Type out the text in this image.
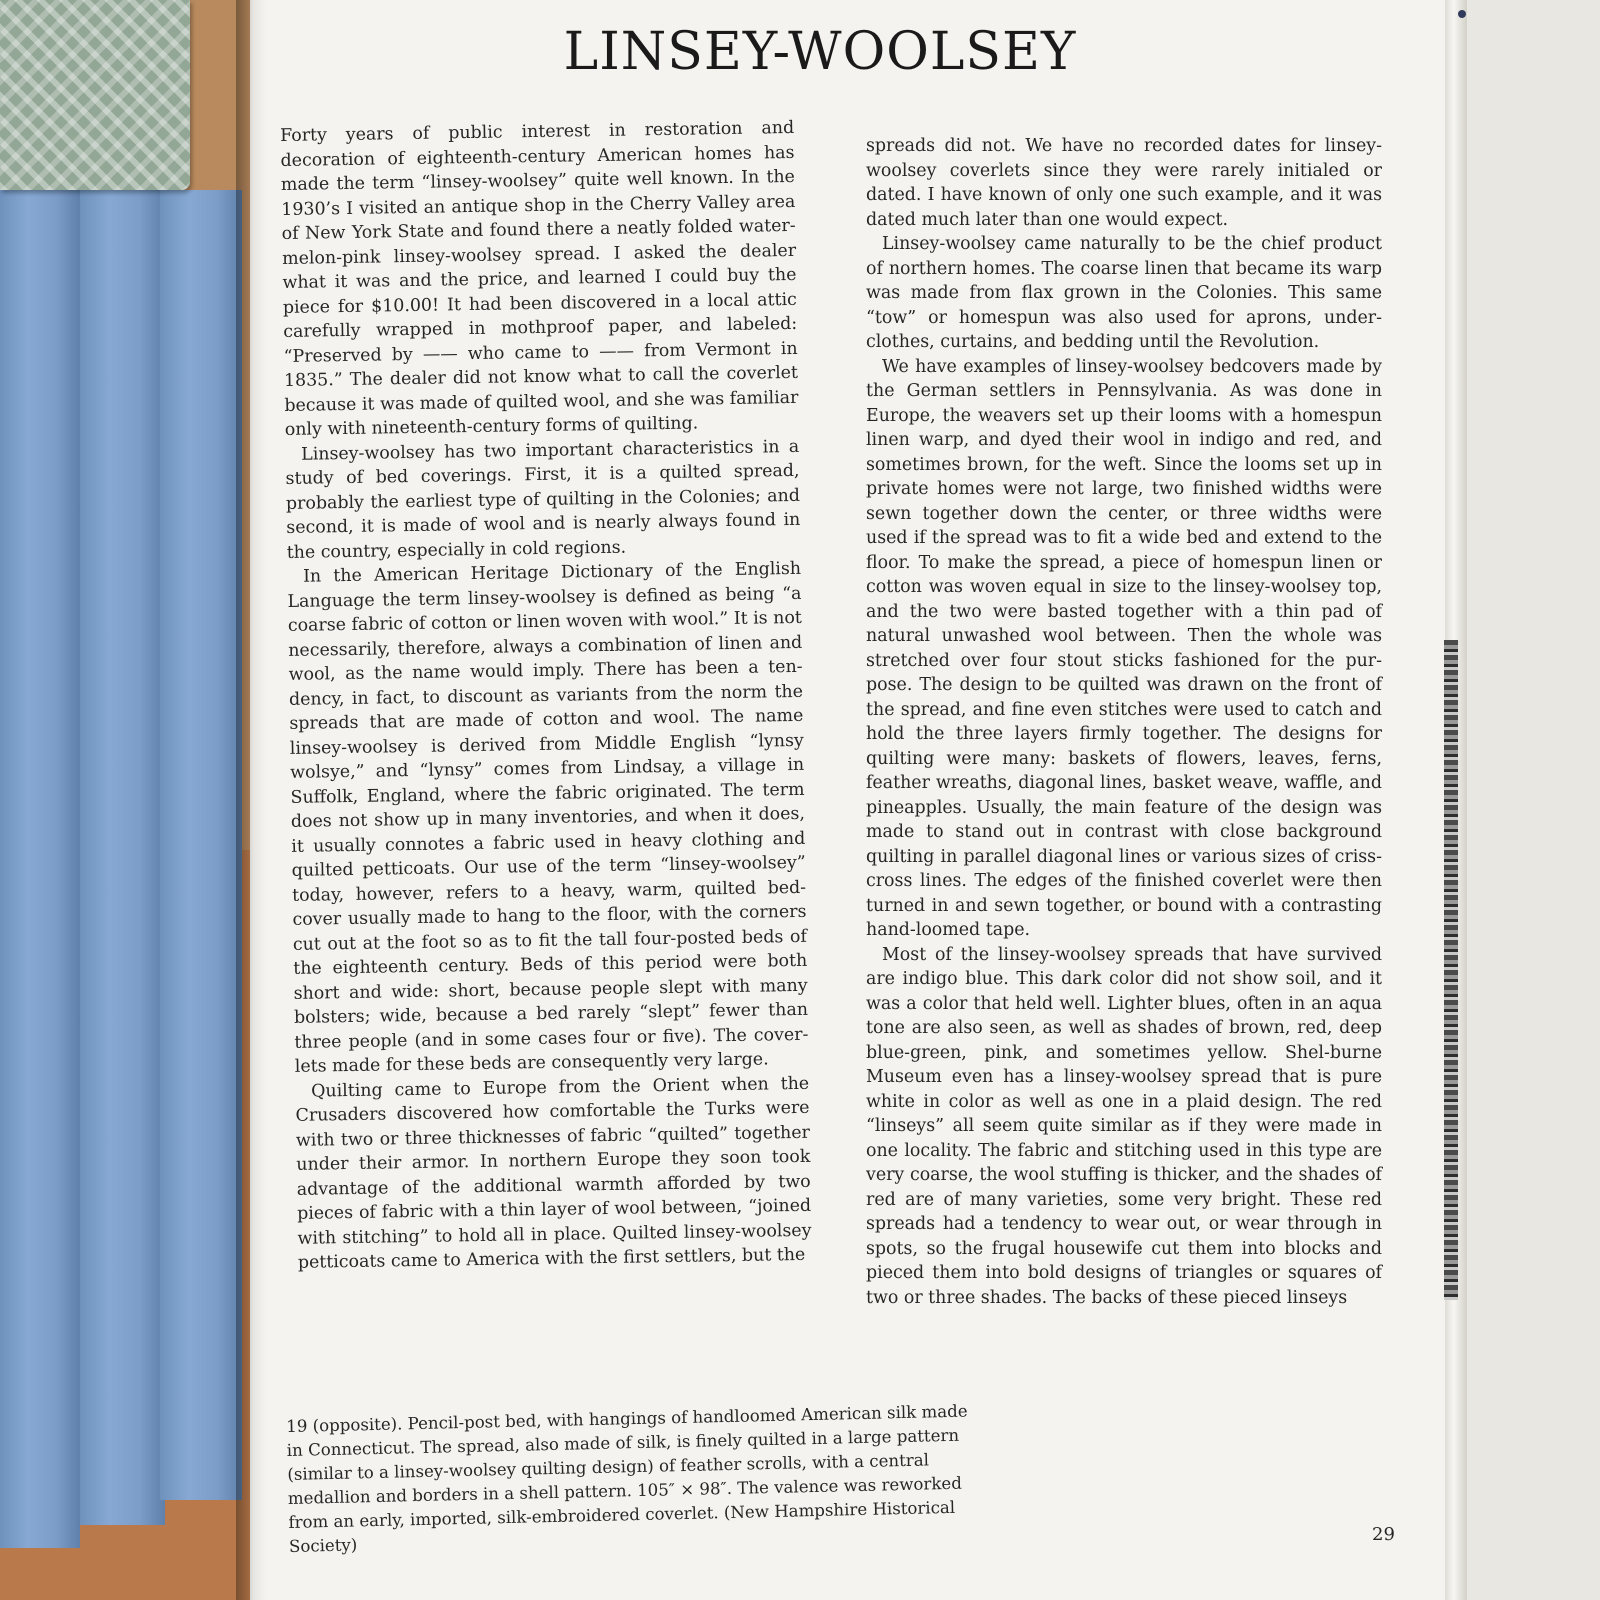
LINSEY-WOOLSEY

Forty years of public interest in restoration and decoration of eighteenth-century American homes has made the term “linsey-woolsey” quite well known. In the 1930’s I visited an antique shop in the Cherry Valley area of New York State and found there a neatly folded water-melon-pink linsey-woolsey spread. I asked the dealer what it was and the price, and learned I could buy the piece for $10.00! It had been discovered in a local attic carefully wrapped in mothproof paper, and labeled: “Preserved by —— who came to —— from Vermont in 1835.” The dealer did not know what to call the coverlet because it was made of quilted wool, and she was familiar only with nineteenth-century forms of quilting.

Linsey-woolsey has two important characteristics in a study of bed coverings. First, it is a quilted spread, probably the earliest type of quilting in the Colonies; and second, it is made of wool and is nearly always found in the country, especially in cold regions.

In the American Heritage Dictionary of the English Language the term linsey-woolsey is defined as being “a coarse fabric of cotton or linen woven with wool.” It is not necessarily, therefore, always a combination of linen and wool, as the name would imply. There has been a ten-dency, in fact, to discount as variants from the norm the spreads that are made of cotton and wool. The name linsey-woolsey is derived from Middle English “lynsy wolsye,” and “lynsy” comes from Lindsay, a village in Suffolk, England, where the fabric originated. The term does not show up in many inventories, and when it does, it usually connotes a fabric used in heavy clothing and quilted petticoats. Our use of the term “linsey-woolsey” today, however, refers to a heavy, warm, quilted bed-cover usually made to hang to the floor, with the corners cut out at the foot so as to fit the tall four-posted beds of the eighteenth century. Beds of this period were both short and wide: short, because people slept with many bolsters; wide, because a bed rarely “slept” fewer than three people (and in some cases four or five). The cover-lets made for these beds are consequently very large.

Quilting came to Europe from the Orient when the Crusaders discovered how comfortable the Turks were with two or three thicknesses of fabric “quilted” together under their armor. In northern Europe they soon took advantage of the additional warmth afforded by two pieces of fabric with a thin layer of wool between, “joined with stitching” to hold all in place. Quilted linsey-woolsey petticoats came to America with the first settlers, but the

spreads did not. We have no recorded dates for linsey-woolsey coverlets since they were rarely initialed or dated. I have known of only one such example, and it was dated much later than one would expect.

Linsey-woolsey came naturally to be the chief product of northern homes. The coarse linen that became its warp was made from flax grown in the Colonies. This same “tow” or homespun was also used for aprons, under-clothes, curtains, and bedding until the Revolution.

We have examples of linsey-woolsey bedcovers made by the German settlers in Pennsylvania. As was done in Europe, the weavers set up their looms with a homespun linen warp, and dyed their wool in indigo and red, and sometimes brown, for the weft. Since the looms set up in private homes were not large, two finished widths were sewn together down the center, or three widths were used if the spread was to fit a wide bed and extend to the floor. To make the spread, a piece of homespun linen or cotton was woven equal in size to the linsey-woolsey top, and the two were basted together with a thin pad of natural unwashed wool between. Then the whole was stretched over four stout sticks fashioned for the pur-pose. The design to be quilted was drawn on the front of the spread, and fine even stitches were used to catch and hold the three layers firmly together. The designs for quilting were many: baskets of flowers, leaves, ferns, feather wreaths, diagonal lines, basket weave, waffle, and pineapples. Usually, the main feature of the design was made to stand out in contrast with close background quilting in parallel diagonal lines or various sizes of criss-cross lines. The edges of the finished coverlet were then turned in and sewn together, or bound with a contrasting hand-loomed tape.

Most of the linsey-woolsey spreads that have survived are indigo blue. This dark color did not show soil, and it was a color that held well. Lighter blues, often in an aqua tone are also seen, as well as shades of brown, red, deep blue-green, pink, and sometimes yellow. Shel-burne Museum even has a linsey-woolsey spread that is pure white in color as well as one in a plaid design. The red “linseys” all seem quite similar as if they were made in one locality. The fabric and stitching used in this type are very coarse, the wool stuffing is thicker, and the shades of red are of many varieties, some very bright. These red spreads had a tendency to wear out, or wear through in spots, so the frugal housewife cut them into blocks and pieced them into bold designs of triangles or squares of two or three shades. The backs of these pieced linseys

19 (opposite). Pencil-post bed, with hangings of handloomed American silk made in Connecticut. The spread, also made of silk, is finely quilted in a large pattern (similar to a linsey-woolsey quilting design) of feather scrolls, with a central medallion and borders in a shell pattern. 105″ × 98″. The valence was reworked from an early, imported, silk-embroidered coverlet. (New Hampshire Historical Society)

29
